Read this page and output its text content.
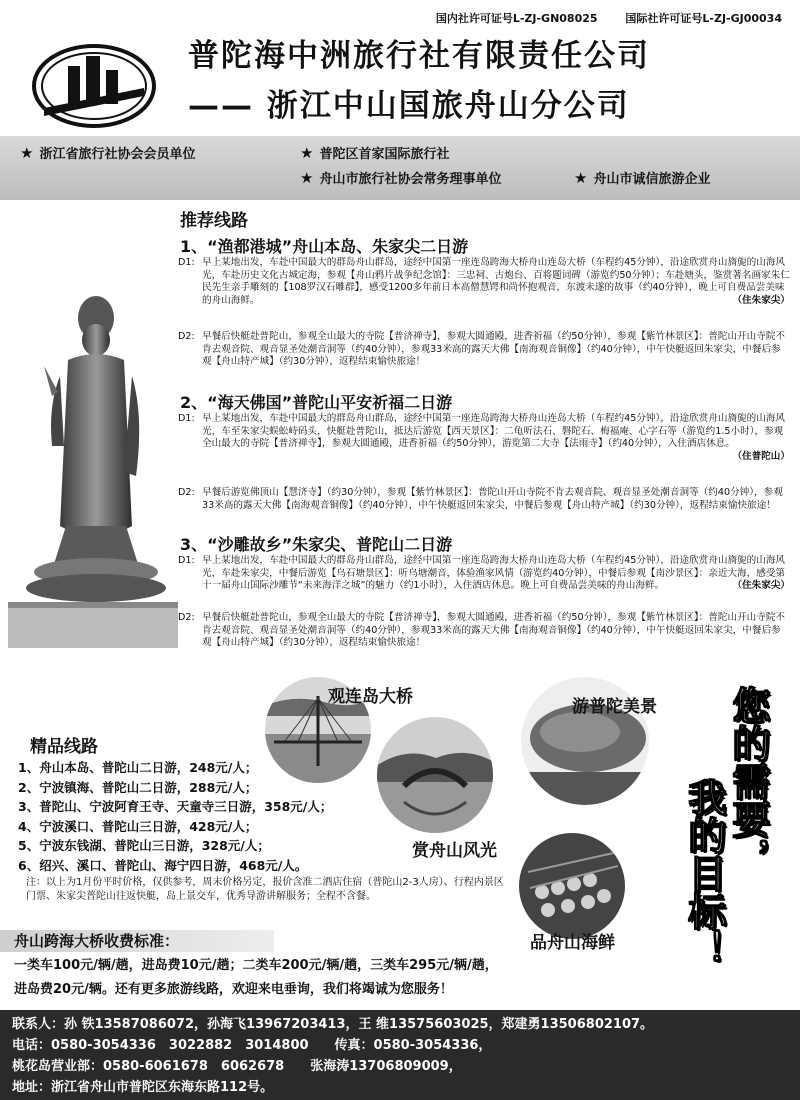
国内社许可证号L-ZJ-GN08025	国际社许可证号L-ZJ-GJ00034
普陀海中洲旅行社有限责任公司
—— 浙江中山国旅舟山分公司
★ 浙江省旅行社协会会员单位	★ 普陀区首家国际旅行社
★ 舟山市旅行社协会常务理事单位	★ 舟山市诚信旅游企业
推荐线路
1、“渔都港城”舟山本岛、朱家尖二日游
D1: 早上某地出发，车赴中国最大的群岛舟山群岛，途经中国第一座连岛跨海大桥舟山连岛大桥（车程约45分钟），沿途欣赏舟山旖旎的山海风光，车赴历史文化古城定海，参观【舟山鸦片战争纪念馆】：三忠祠、古炮台、百将题词碑（游览约50分钟）；车赴塘头，鉴赏著名画家朱仁民先生亲手雕刻的【108罗汉石雕群】，感受1200多年前日本高僧慧锷和尚怀抱观音，东渡未遂的故事（约40分钟），晚上可自费品尝美味的舟山海鲜。	（住朱家尖）
D2: 早餐后快艇赴普陀山，参观全山最大的寺院【普济禅寺】，参观大圆通殿，进香祈福（约50分钟），参观【紫竹林景区】：普陀山开山寺院不肯去观音院、观音显圣处潮音洞等（约40分钟），参观33米高的露天大佛【南海观音铜像】（约40分钟），中午快艇返回朱家尖，中餐后参观【舟山特产城】（约30分钟），返程结束愉快旅途！
2、“海天佛国”普陀山平安祈福二日游
D1: 早上某地出发，车赴中国最大的群岛舟山群岛，途经中国第一座连岛跨海大桥舟山连岛大桥（车程约45分钟），沿途欣赏舟山旖旎的山海风光，车至朱家尖蜈蚣峙码头，快艇赴普陀山，抵达后游览【西天景区】：二龟听法石、磐陀石、梅福庵、心字石等（游览约1.5小时），参观全山最大的寺院【普济禅寺】，参观大圆通殿，进香祈福（约50分钟），游览第二大寺【法雨寺】（约40分钟），入住酒店休息。
（住普陀山）
D2: 早餐后游览佛顶山【慧济寺】（约30分钟），参观【紫竹林景区】：普陀山开山寺院不肯去观音院、观音显圣处潮音洞等（约40分钟），参观33米高的露天大佛【南海观音铜像】（约40分钟），中午快艇返回朱家尖，中餐后参观【舟山特产城】（约30分钟），返程结束愉快旅途！
3、“沙雕故乡”朱家尖、普陀山二日游
D1: 早上某地出发，车赴中国最大的群岛舟山群岛，途经中国第一座连岛跨海大桥舟山连岛大桥（车程约45分钟），沿途欣赏舟山旖旎的山海风光，车赴朱家尖，中餐后游览【乌石塘景区】：听乌塘潮音，体验渔家风情（游览约40分钟），中餐后参观【南沙景区】：亲近大海，感受第十一届舟山国际沙雕节“未来海洋之城”的魅力（约1小时），入住酒店休息。晚上可自费品尝美味的舟山海鲜。	（住朱家尖）
D2: 早餐后快艇赴普陀山，参观全山最大的寺院【普济禅寺】，参观大圆通殿，进香祈福（约50分钟），参观【紫竹林景区】：普陀山开山寺院不肯去观音院、观音显圣处潮音洞等（约40分钟），参观33米高的露天大佛【南海观音铜像】（约40分钟），中午快艇返回朱家尖，中餐后参观【舟山特产城】（约30分钟），返程结束愉快旅途！
观连岛大桥	游普陀美景
赏舟山风光
品舟山海鲜
您的需要，
我的目标！
精品线路
1、舟山本岛、普陀山二日游，248元/人；
2、宁波镇海、普陀山二日游，288元/人；
3、普陀山、宁波阿育王寺、天童寺三日游，358元/人；
4、宁波溪口、普陀山三日游，428元/人；
5、宁波东钱湖、普陀山三日游，328元/人；
6、绍兴、溪口、普陀山、海宁四日游，468元/人。
注：以上为1月份平时价格，仅供参考，周末价格另定，报价含准二酒店住宿（普陀山2-3人房）、行程内景区门票、朱家尖普陀山往返快艇，岛上景交车，优秀导游讲解服务；全程不含餐。
舟山跨海大桥收费标准：
一类车100元/辆/趟，进岛费10元/趟；二类车200元/辆/趟，三类车295元/辆/趟，
进岛费20元/辆。还有更多旅游线路，欢迎来电垂询，我们将竭诚为您服务！
联系人：孙 铁13587086072，孙海飞13967203413，王 维13575603025，郑建勇13506802107。
电话：0580-3054336　3022882　3014800　　传真：0580-3054336，
桃花岛营业部：0580-6061678　6062678　　张海涛13706809009，
地址：浙江省舟山市普陀区东海东路112号。
